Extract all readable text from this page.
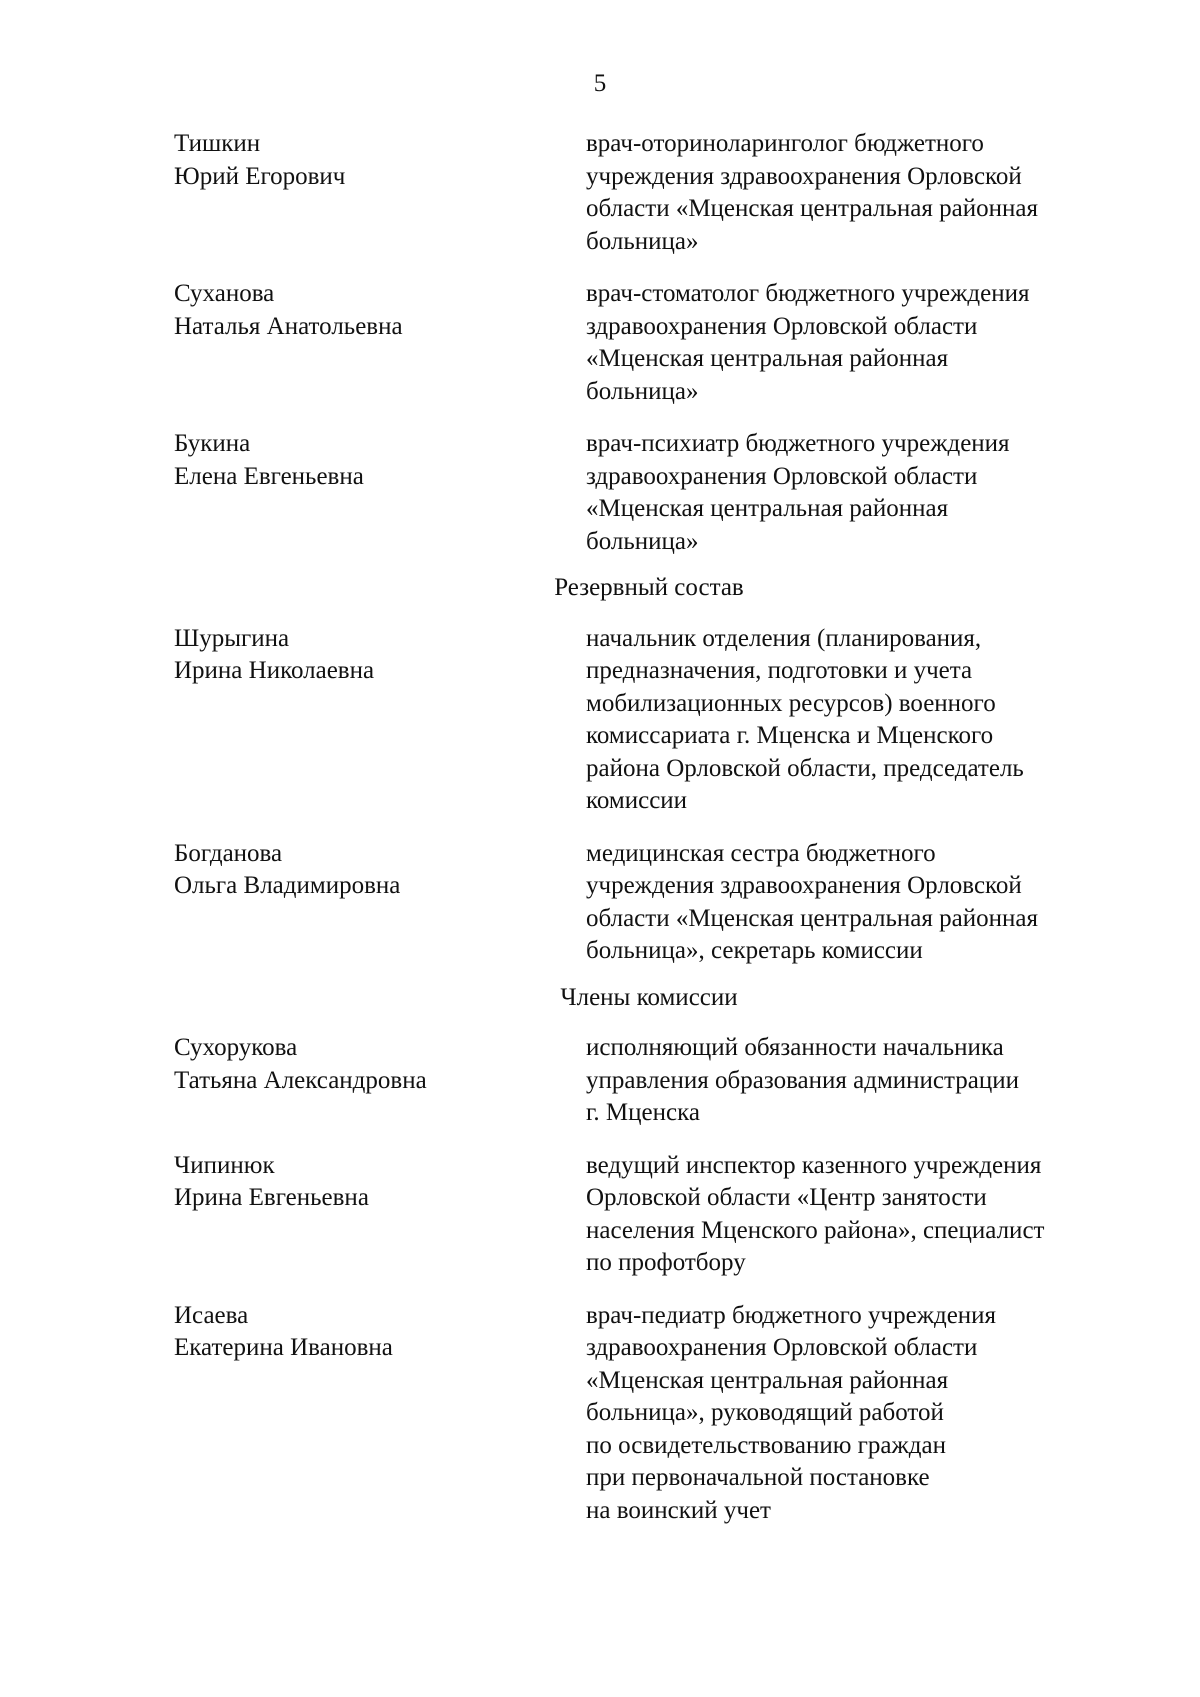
5
Тишкин
Юрий Егорович
врач-оториноларинголог бюджетного
учреждения здравоохранения Орловской
области «Мценская центральная районная
больница»
Суханова
Наталья Анатольевна
врач-стоматолог бюджетного учреждения
здравоохранения Орловской области
«Мценская центральная районная
больница»
Букина
Елена Евгеньевна
врач-психиатр бюджетного учреждения
здравоохранения Орловской области
«Мценская центральная районная
больница»
Резервный состав
Шурыгина
Ирина Николаевна
начальник отделения (планирования,
предназначения, подготовки и учета
мобилизационных ресурсов) военного
комиссариата г. Мценска и Мценского
района Орловской области, председатель
комиссии
Богданова
Ольга Владимировна
медицинская сестра бюджетного
учреждения здравоохранения Орловской
области «Мценская центральная районная
больница», секретарь комиссии
Члены комиссии
Сухорукова
Татьяна Александровна
исполняющий обязанности начальника
управления образования администрации
г. Мценска
Чипинюк
Ирина Евгеньевна
ведущий инспектор казенного учреждения
Орловской области «Центр занятости
населения Мценского района», специалист
по профотбору
Исаева
Екатерина Ивановна
врач-педиатр бюджетного учреждения
здравоохранения Орловской области
«Мценская центральная районная
больница», руководящий работой
по освидетельствованию граждан
при первоначальной постановке
на воинский учет
